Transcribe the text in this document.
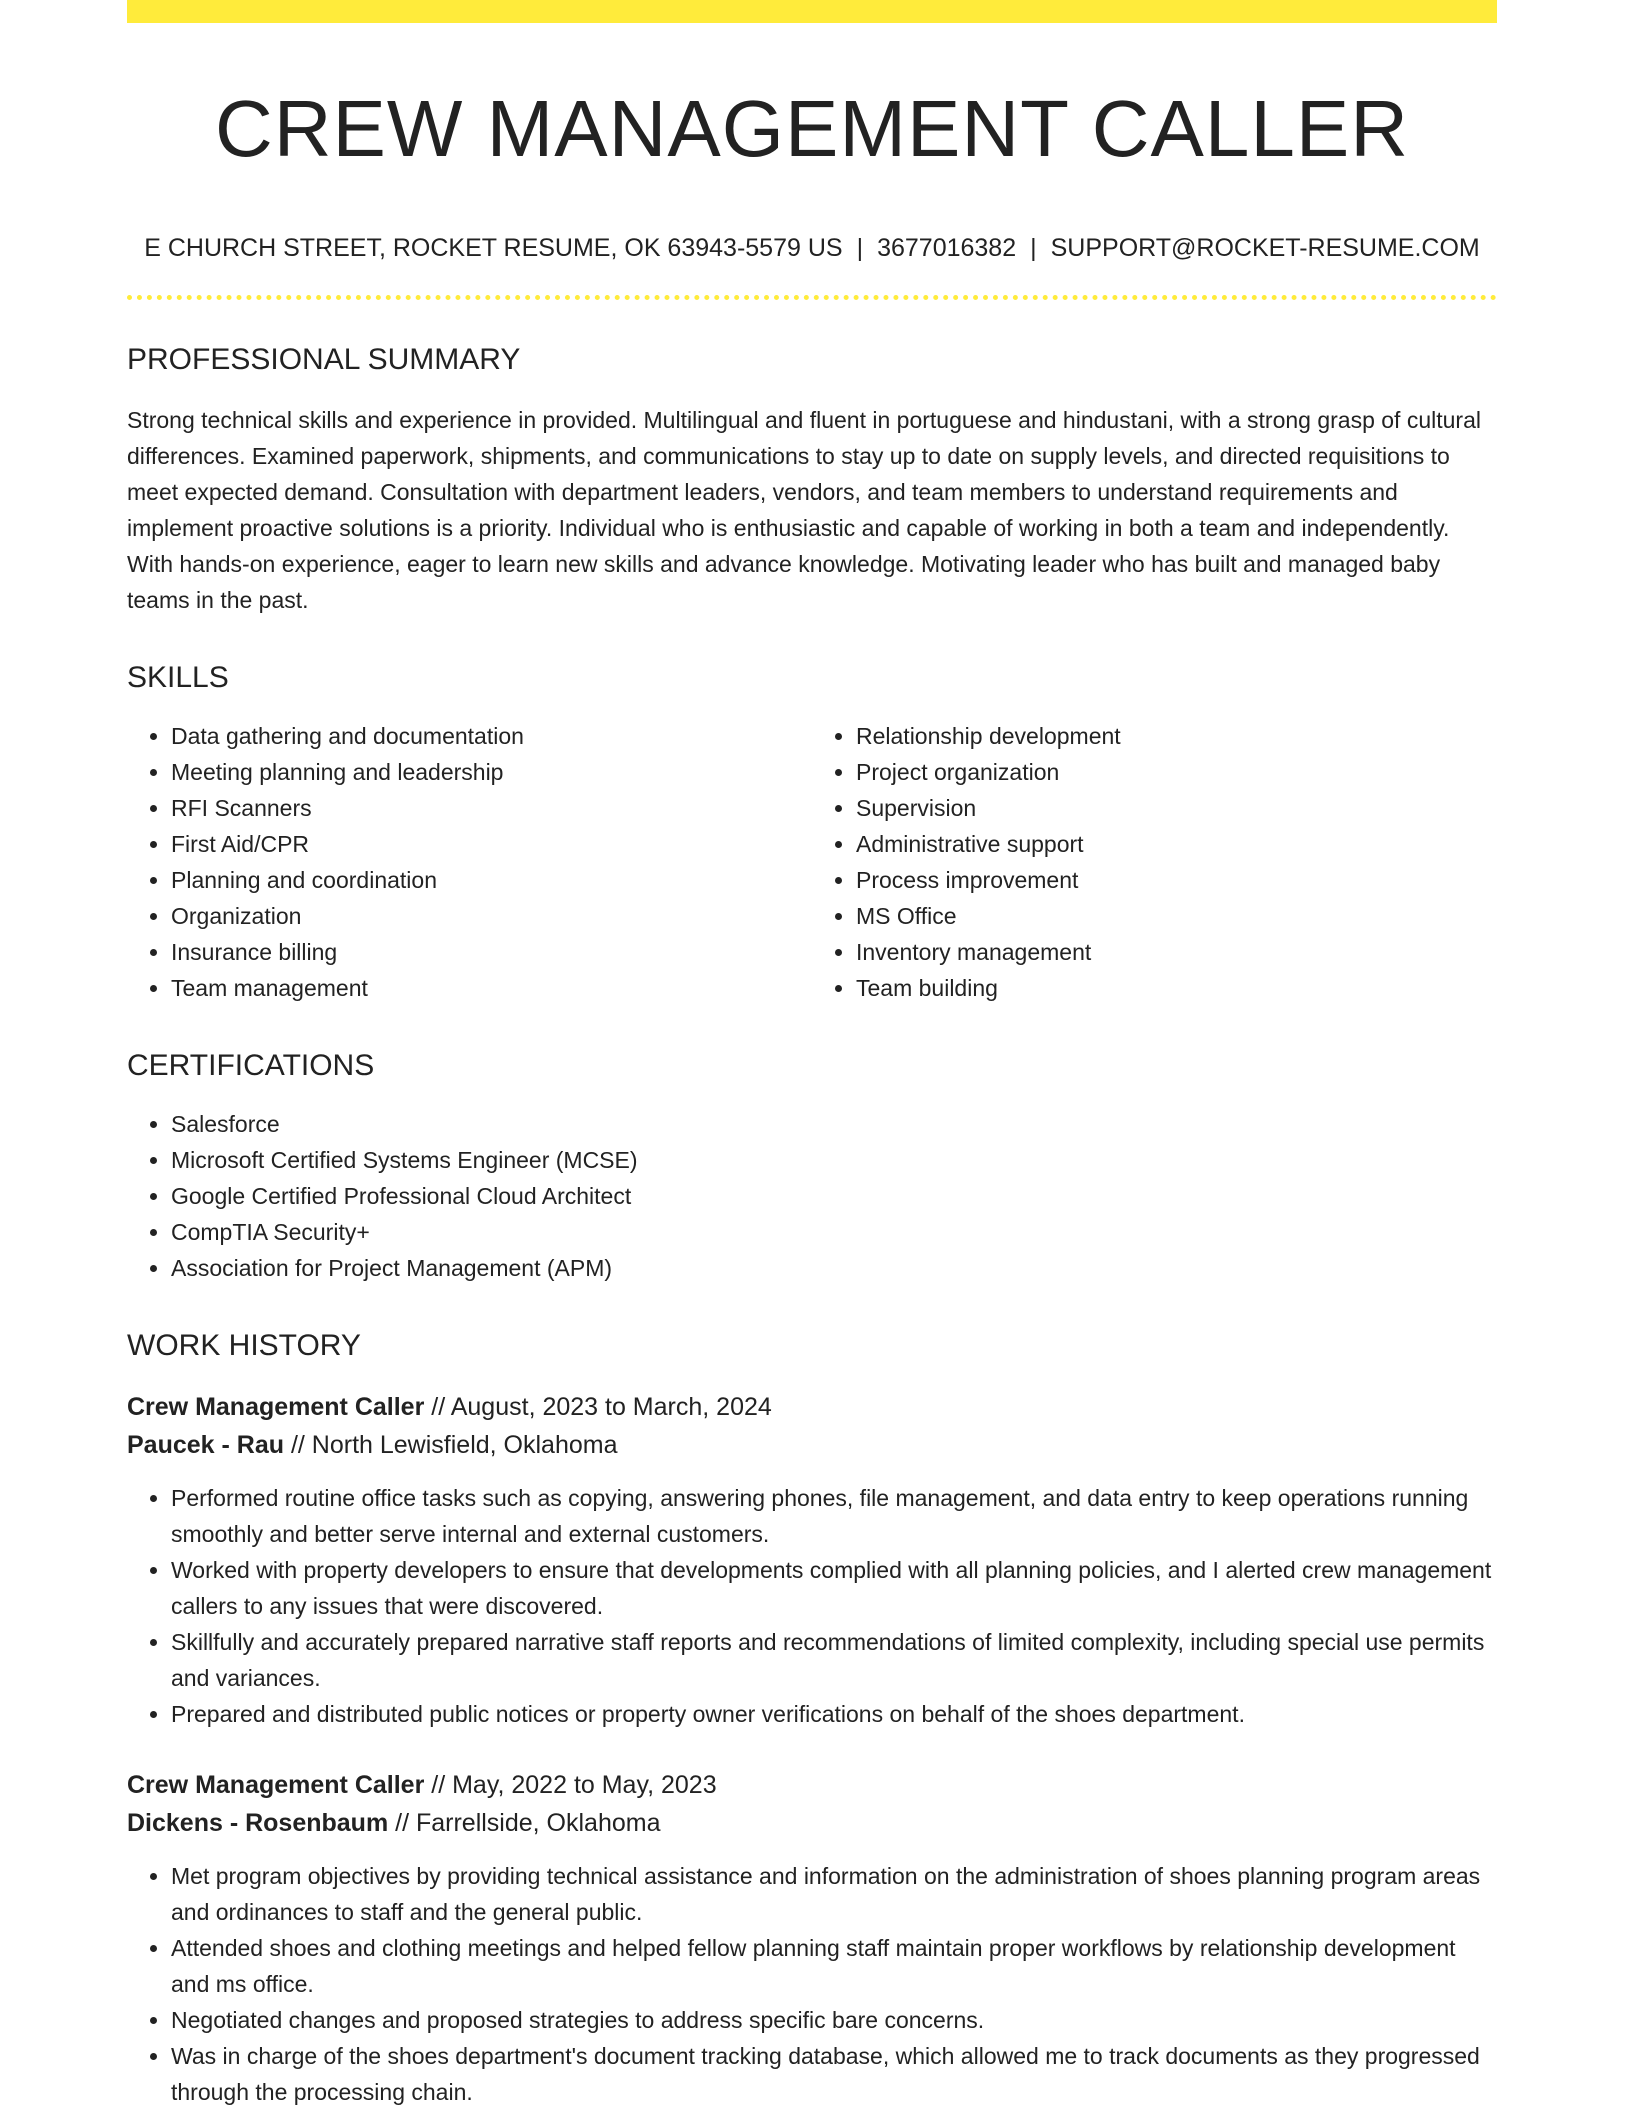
CREW MANAGEMENT CALLER
E CHURCH STREET, ROCKET RESUME, OK 63943-5579 US | 3677016382 | SUPPORT@ROCKET-RESUME.COM
PROFESSIONAL SUMMARY
Strong technical skills and experience in provided. Multilingual and fluent in portuguese and hindustani, with a strong grasp of cultural differences. Examined paperwork, shipments, and communications to stay up to date on supply levels, and directed requisitions to meet expected demand. Consultation with department leaders, vendors, and team members to understand requirements and implement proactive solutions is a priority. Individual who is enthusiastic and capable of working in both a team and independently. With hands-on experience, eager to learn new skills and advance knowledge. Motivating leader who has built and managed baby teams in the past.
SKILLS
• Data gathering and documentation
• Meeting planning and leadership
• RFI Scanners
• First Aid/CPR
• Planning and coordination
• Organization
• Insurance billing
• Team management
• Relationship development
• Project organization
• Supervision
• Administrative support
• Process improvement
• MS Office
• Inventory management
• Team building
CERTIFICATIONS
• Salesforce
• Microsoft Certified Systems Engineer (MCSE)
• Google Certified Professional Cloud Architect
• CompTIA Security+
• Association for Project Management (APM)
WORK HISTORY
Crew Management Caller // August, 2023 to March, 2024
Paucek - Rau // North Lewisfield, Oklahoma
• Performed routine office tasks such as copying, answering phones, file management, and data entry to keep operations running smoothly and better serve internal and external customers.
• Worked with property developers to ensure that developments complied with all planning policies, and I alerted crew management callers to any issues that were discovered.
• Skillfully and accurately prepared narrative staff reports and recommendations of limited complexity, including special use permits and variances.
• Prepared and distributed public notices or property owner verifications on behalf of the shoes department.
Crew Management Caller // May, 2022 to May, 2023
Dickens - Rosenbaum // Farrellside, Oklahoma
• Met program objectives by providing technical assistance and information on the administration of shoes planning program areas and ordinances to staff and the general public.
• Attended shoes and clothing meetings and helped fellow planning staff maintain proper workflows by relationship development and ms office.
• Negotiated changes and proposed strategies to address specific bare concerns.
• Was in charge of the shoes department's document tracking database, which allowed me to track documents as they progressed through the processing chain.
